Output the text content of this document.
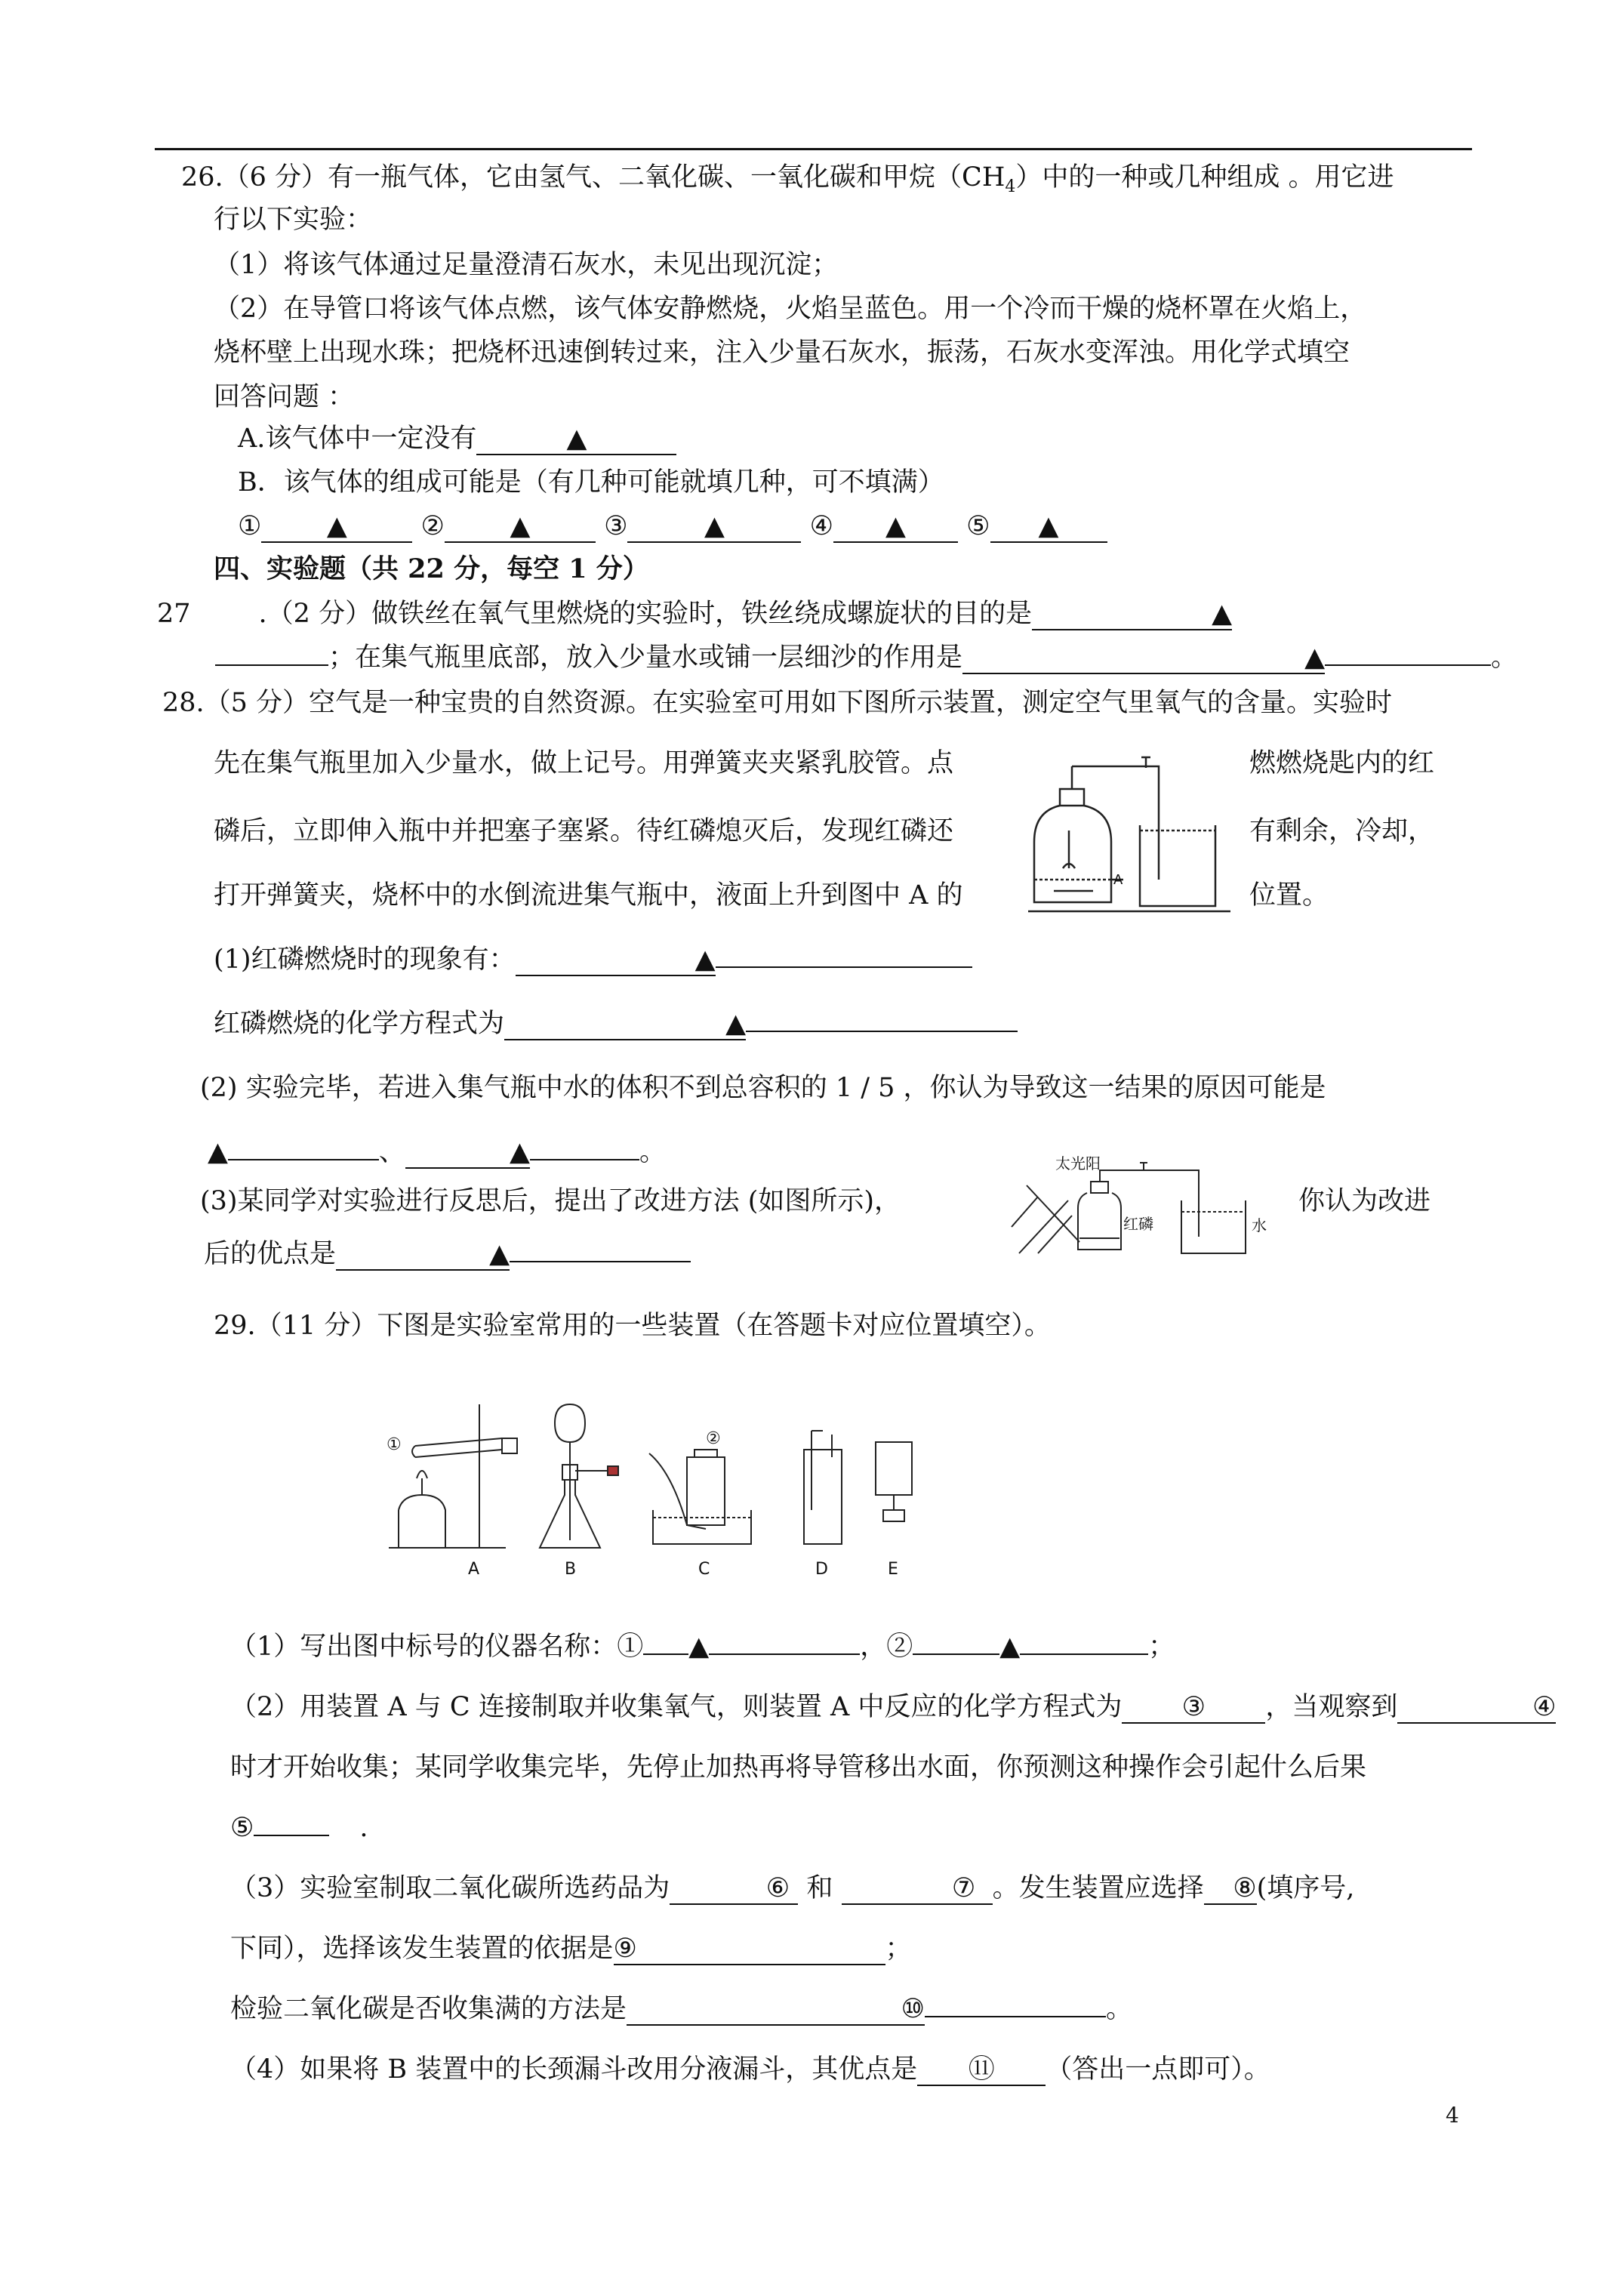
26.（6 分）有一瓶气体，它由氢气、二氧化碳、一氧化碳和甲烷$(CH_4)$中的一种或几种组成 。用它进
行以下实验：
（1）将该气体通过足量澄清石灰水，未见出现沉淀；
（2）在导管口将该气体点燃，该气体安静燃烧，火焰呈蓝色。用一个冷而干燥的烧杯罩在火焰上，
烧杯壁上出现水珠；把烧杯迅速倒转过来，注入少量石灰水，振荡，石灰水变浑浊。用化学式填空
回答问题 ：
A.该气体中一定没有	▲
B．该气体的组成可能是（有几种可能就填几种，可不填满）
① ▲	② ▲	③	▲	④ ▲ ⑤ ▲
四、实验题（共 22 分，每空 1 分）
27	.（2 分）做铁丝在氧气里燃烧的实验时，铁丝绕成螺旋状的目的是	▲
；在集气瓶里底部，放入少量水或铺一层细沙的作用是	▲	。
28.（5 分）空气是一种宝贵的自然资源。在实验室可用如下图所示装置，测定空气里氧气的含量。实验时
先在集气瓶里加入少量水，做上记号。用弹簧夹夹紧乳胶管。点	燃燃烧匙内的红
磷后，立即伸入瓶中并把塞子塞紧。待红磷熄灭后，发现红磷还	有剩余，冷却，
打开弹簧夹，烧杯中的水倒流进集气瓶中，液面上升到图中 A 的	位置。
A
(1)红磷燃烧时的现象有：	▲
红磷燃烧的化学方程式为	▲
(2) 实验完毕，若进入集气瓶中水的体积不到总容积的 1 / 5 ，你认为导致这一结果的原因可能是
▲	、	▲	。
(3)某同学对实验进行反思后，提出了改进方法 (如图所示)，	你认为改进
后的优点是	▲
太光阳
红磷	水
29.（11 分）下图是实验室常用的一些装置（在答题卡对应位置填空）。
①	②
A	B	C	D	E
（1）写出图中标号的仪器名称：① ▲	，②	▲	；
（2）用装置 A 与 C 连接制取并收集氧气，则装置 A 中反应的化学方程式为 ③ ，当观察到	④
时才开始收集；某同学收集完毕，先停止加热再将导管移出水面，你预测这种操作会引起什么后果
⑤	.
（3）实验室制取二氧化碳所选药品为	⑥ 和	⑦ 。发生装置应选择 ⑧(填序号,
下同），选择该发生装置的依据是⑨	；
检验二氧化碳是否收集满的方法是	⑩	。
（4）如果将 B 装置中的长颈漏斗改用分液漏斗，其优点是 ⑪ （答出一点即可）。
4
